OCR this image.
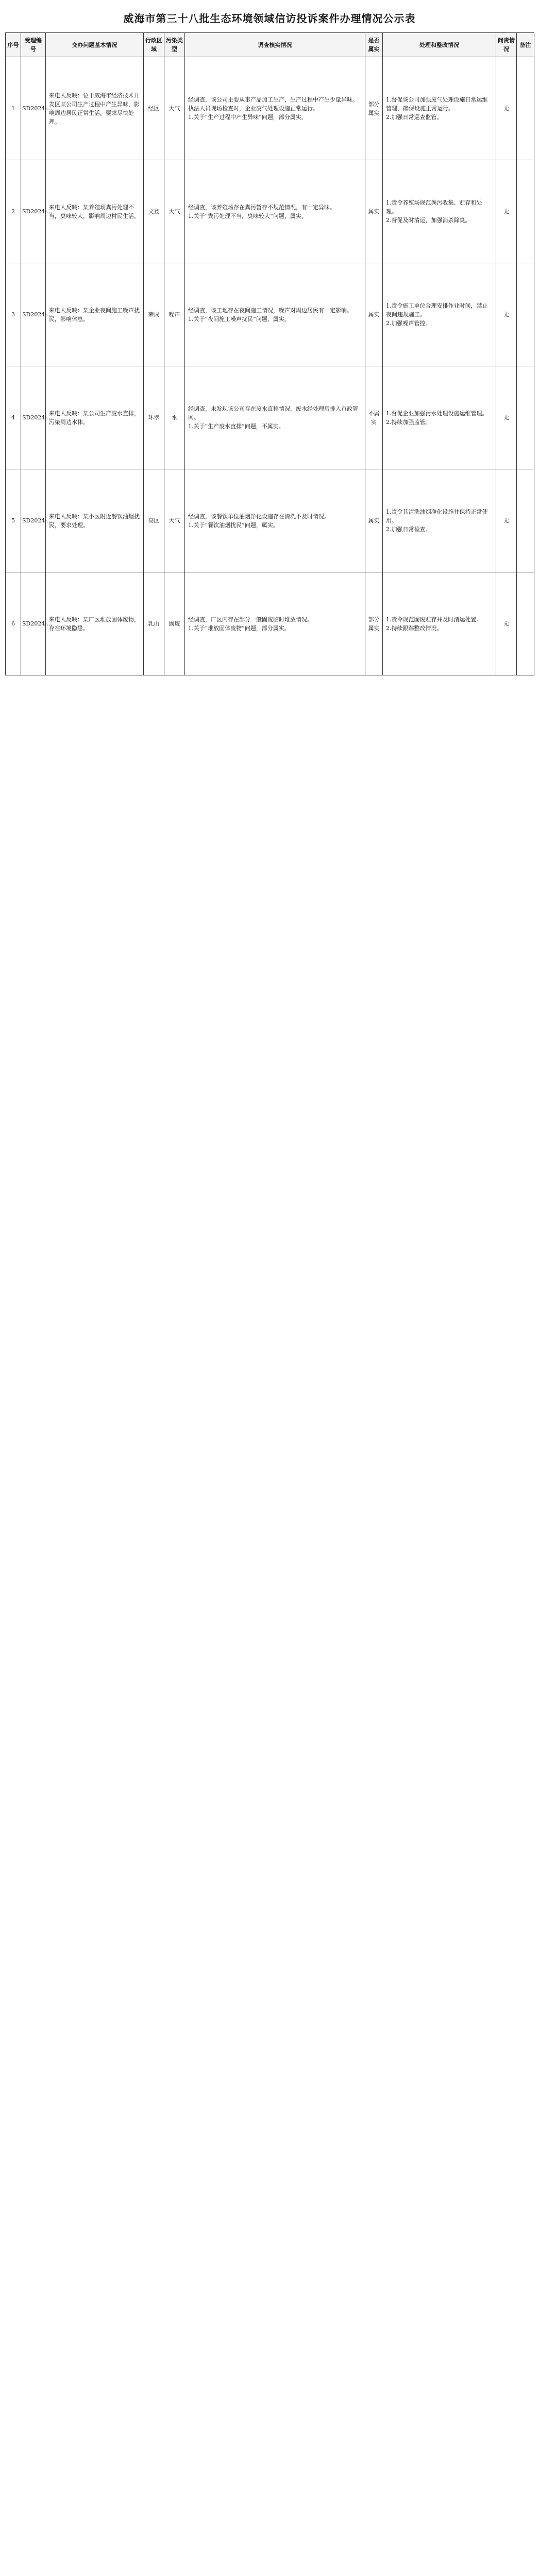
威海市第三十八批生态环境领域信访投诉案件办理情况公示表
序号	受理编号	交办问题基本情况	行政区域	污染类型	调查核实情况	是否属实	处理和整改情况	问责情况	备注
1	SD2024-...	来电人反映：位于威海市经济技术开发区某公司生产过程中产生异味，影响周边居民正常生活，要求尽快处理。	经区	大气	经调查，该公司主要从事产品加工生产，生产过程中产生少量异味。执法人员现场检查时，企业废气处理设施正常运行。
1.关于“生产过程中产生异味”问题，部分属实。	部分属实	1.督促该公司加强废气处理设施日常运维管理，确保设施正常运行。
2.加强日常巡查监管。	无	
2	SD2024-...	来电人反映：某养殖场粪污处理不当，臭味较大，影响周边村民生活。	文登	大气	经调查，该养殖场存在粪污暂存不规范情况，有一定异味。
1.关于“粪污处理不当，臭味较大”问题，属实。	属实	1.责令养殖场规范粪污收集、贮存和处理。
2.督促及时清运，加强消杀除臭。	无	
3	SD2024-...	来电人反映：某企业夜间施工噪声扰民，影响休息。	荣成	噪声	经调查，该工地存在夜间施工情况，噪声对周边居民有一定影响。
1.关于“夜间施工噪声扰民”问题，属实。	属实	1.责令施工单位合理安排作业时间，禁止夜间违规施工。
2.加强噪声管控。	无	
4	SD2024-...	来电人反映：某公司生产废水直排，污染周边水体。	环翠	水	经调查，未发现该公司存在废水直排情况，废水经处理后排入市政管网。
1.关于“生产废水直排”问题，不属实。	不属实	1.督促企业加强污水处理设施运维管理。
2.持续加强监管。	无	
5	SD2024-...	来电人反映：某小区附近餐饮油烟扰民，要求处理。	高区	大气	经调查，该餐饮单位油烟净化设施存在清洗不及时情况。
1.关于“餐饮油烟扰民”问题，属实。	属实	1.责令其清洗油烟净化设施并保持正常使用。
2.加强日常检查。	无	
6	SD2024-...	来电人反映：某厂区堆放固体废物，存在环境隐患。	乳山	固废	经调查，厂区内存在部分一般固废临时堆放情况。
1.关于“堆放固体废物”问题，部分属实。	部分属实	1.责令规范固废贮存并及时清运处置。
2.持续跟踪整改情况。	无	
